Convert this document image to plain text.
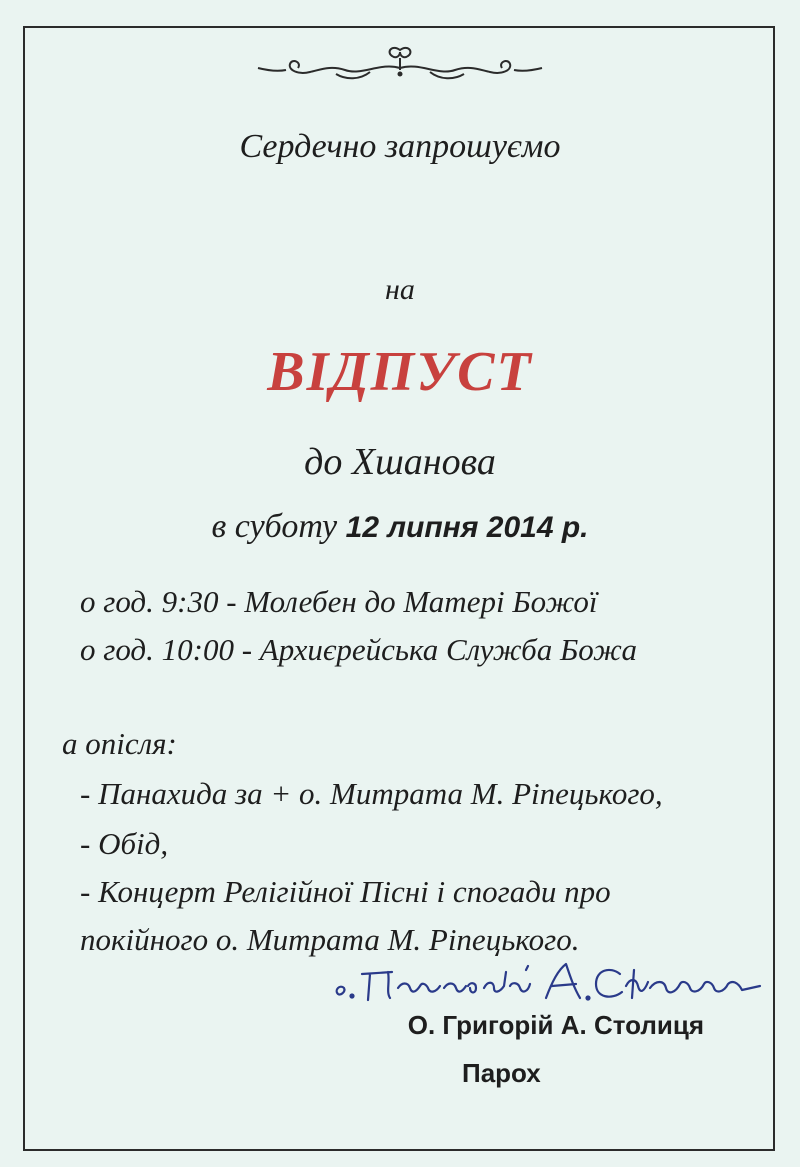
Сердечно запрошуємо

на

ВІДПУСТ

до Хшанова

в суботу 12 липня 2014 р.

о год. 9:30 - Молебен до Матері Божої

о год. 10:00 - Архиєрейська Служба Божа

а опісля:

- Панахида за + о. Митрата М. Ріпецького,

- Обід,

- Концерт Релігійної Пісні і спогади про

покійного о. Митрата М. Ріпецького.

О. Григорій А. Столиця

Парох
